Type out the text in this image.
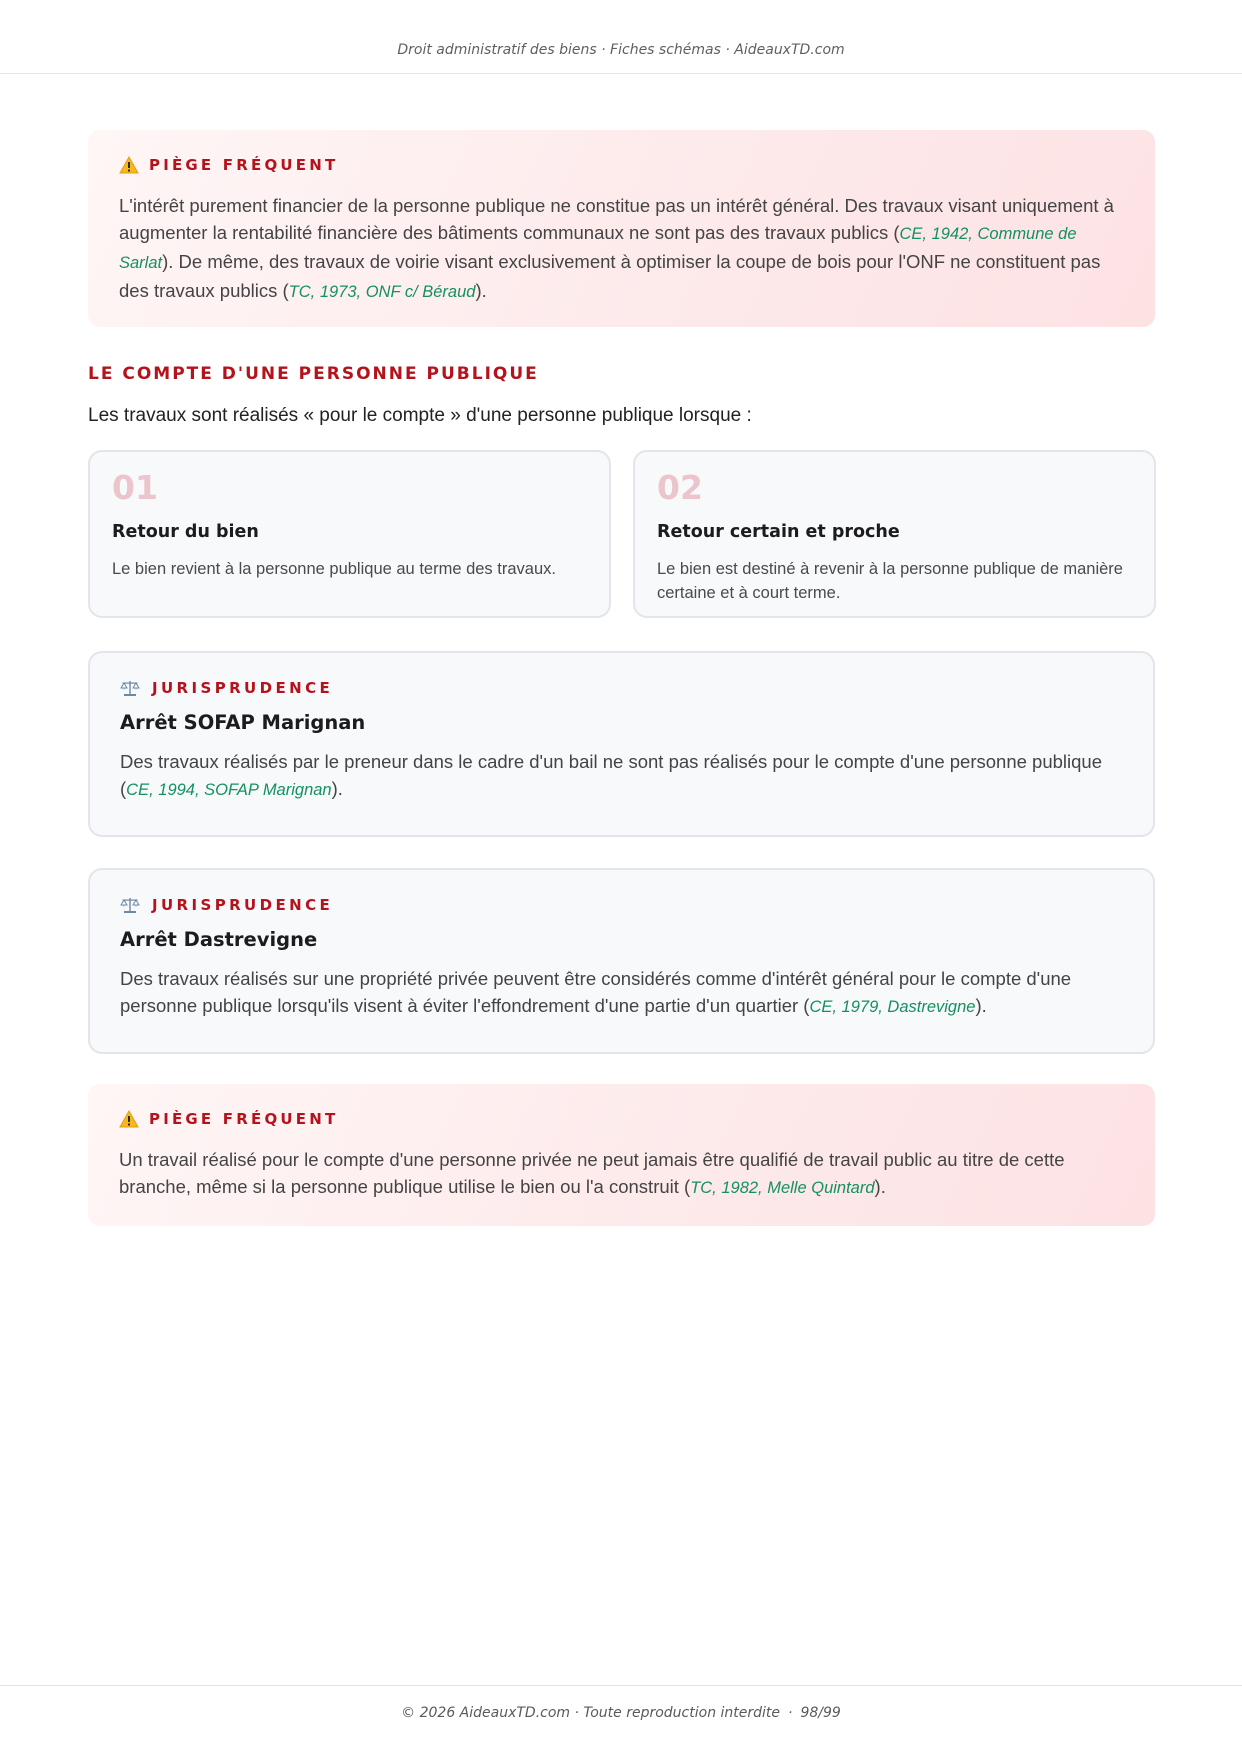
Droit administratif des biens · Fiches schémas · AideauxTD.com
PIÈGE FRÉQUENT
L'intérêt purement financier de la personne publique ne constitue pas un intérêt général. Des travaux visant uniquement à augmenter la rentabilité financière des bâtiments communaux ne sont pas des travaux publics (CE, 1942, Commune de Sarlat). De même, des travaux de voirie visant exclusivement à optimiser la coupe de bois pour l'ONF ne constituent pas des travaux publics (TC, 1973, ONF c/ Béraud).
LE COMPTE D'UNE PERSONNE PUBLIQUE
Les travaux sont réalisés « pour le compte » d'une personne publique lorsque :
01
Retour du bien
Le bien revient à la personne publique au terme des travaux.
02
Retour certain et proche
Le bien est destiné à revenir à la personne publique de manière certaine et à court terme.
JURISPRUDENCE
Arrêt SOFAP Marignan
Des travaux réalisés par le preneur dans le cadre d'un bail ne sont pas réalisés pour le compte d'une personne publique (CE, 1994, SOFAP Marignan).
JURISPRUDENCE
Arrêt Dastrevigne
Des travaux réalisés sur une propriété privée peuvent être considérés comme d'intérêt général pour le compte d'une personne publique lorsqu'ils visent à éviter l'effondrement d'une partie d'un quartier (CE, 1979, Dastrevigne).
PIÈGE FRÉQUENT
Un travail réalisé pour le compte d'une personne privée ne peut jamais être qualifié de travail public au titre de cette branche, même si la personne publique utilise le bien ou l'a construit (TC, 1982, Melle Quintard).
© 2026 AideauxTD.com · Toute reproduction interdite · 98/99
